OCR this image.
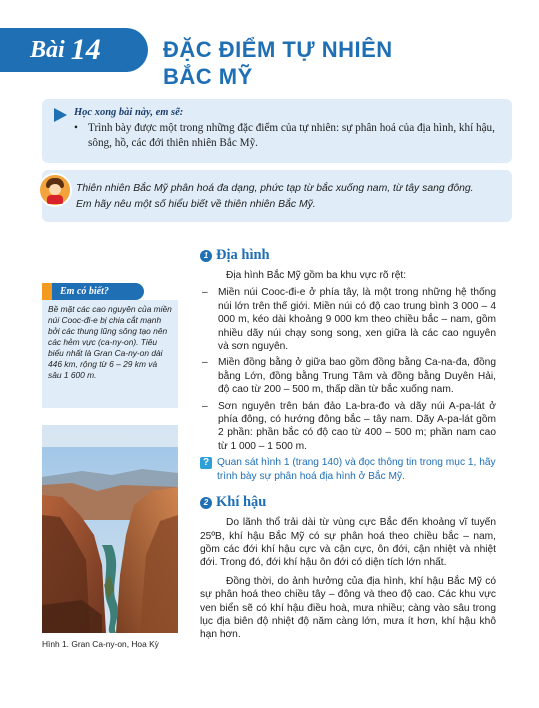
Bài 14	ĐẶC ĐIỂM TỰ NHIÊN
BẮC MỸ
Học xong bài này, em sẽ:
• Trình bày được một trong những đặc điểm của tự nhiên: sự phân hoá của địa hình, khí hậu, sông, hồ, các đới thiên nhiên Bắc Mỹ.

Thiên nhiên Bắc Mỹ phân hoá đa dạng, phức tạp từ bắc xuống nam, từ tây sang đông.

Em hãy nêu một số hiểu biết về thiên nhiên Bắc Mỹ.

Em có biết?
Bề mặt các cao nguyên của miền núi Cooc-đi-e bị chia cắt mạnh bởi các thung lũng sông tạo nên các hẻm vực (ca-ny-on). Tiêu biểu nhất là Gran Ca-ny-on dài 446 km, rộng từ 6 – 29 km và sâu 1 600 m.
Hình 1. Gran Ca-ny-on, Hoa Kỳ
1 Địa hình
Địa hình Bắc Mỹ gồm ba khu vực rõ rệt:
– Miền núi Cooc-đi-e ở phía tây, là một trong những hệ thống núi lớn trên thế giới. Miền núi có độ cao trung bình 3 000 – 4 000 m, kéo dài khoảng 9 000 km theo chiều bắc – nam, gồm nhiều dãy núi chạy song song, xen giữa là các cao nguyên và sơn nguyên.
– Miền đồng bằng ở giữa bao gồm đồng bằng Ca-na-đa, đồng bằng Lớn, đồng bằng Trung Tâm và đồng bằng Duyên Hải, độ cao từ 200 – 500 m, thấp dần từ bắc xuống nam.
– Sơn nguyên trên bán đảo La-bra-đo và dãy núi A-pa-lát ở phía đông, có hướng đông bắc – tây nam. Dãy A-pa-lát gồm 2 phần: phần bắc có độ cao từ 400 – 500 m; phần nam cao từ 1 000 – 1 500 m.
? Quan sát hình 1 (trang 140) và đọc thông tin trong mục 1, hãy trình bày sự phân hoá địa hình ở Bắc Mỹ.
2 Khí hậu
Do lãnh thổ trải dài từ vùng cực Bắc đến khoảng vĩ tuyến 25ºB, khí hậu Bắc Mỹ có sự phân hoá theo chiều bắc – nam, gồm các đới khí hậu cực và cận cực, ôn đới, cận nhiệt và nhiệt đới. Trong đó, đới khí hậu ôn đới có diện tích lớn nhất.
Đồng thời, do ảnh hưởng của địa hình, khí hậu Bắc Mỹ có sự phân hoá theo chiều tây – đông và theo độ cao. Các khu vực ven biển sẽ có khí hậu điều hoà, mưa nhiều; càng vào sâu trong lục địa biên độ nhiệt độ năm càng lớn, mưa ít hơn, khí hậu khô hạn hơn.
